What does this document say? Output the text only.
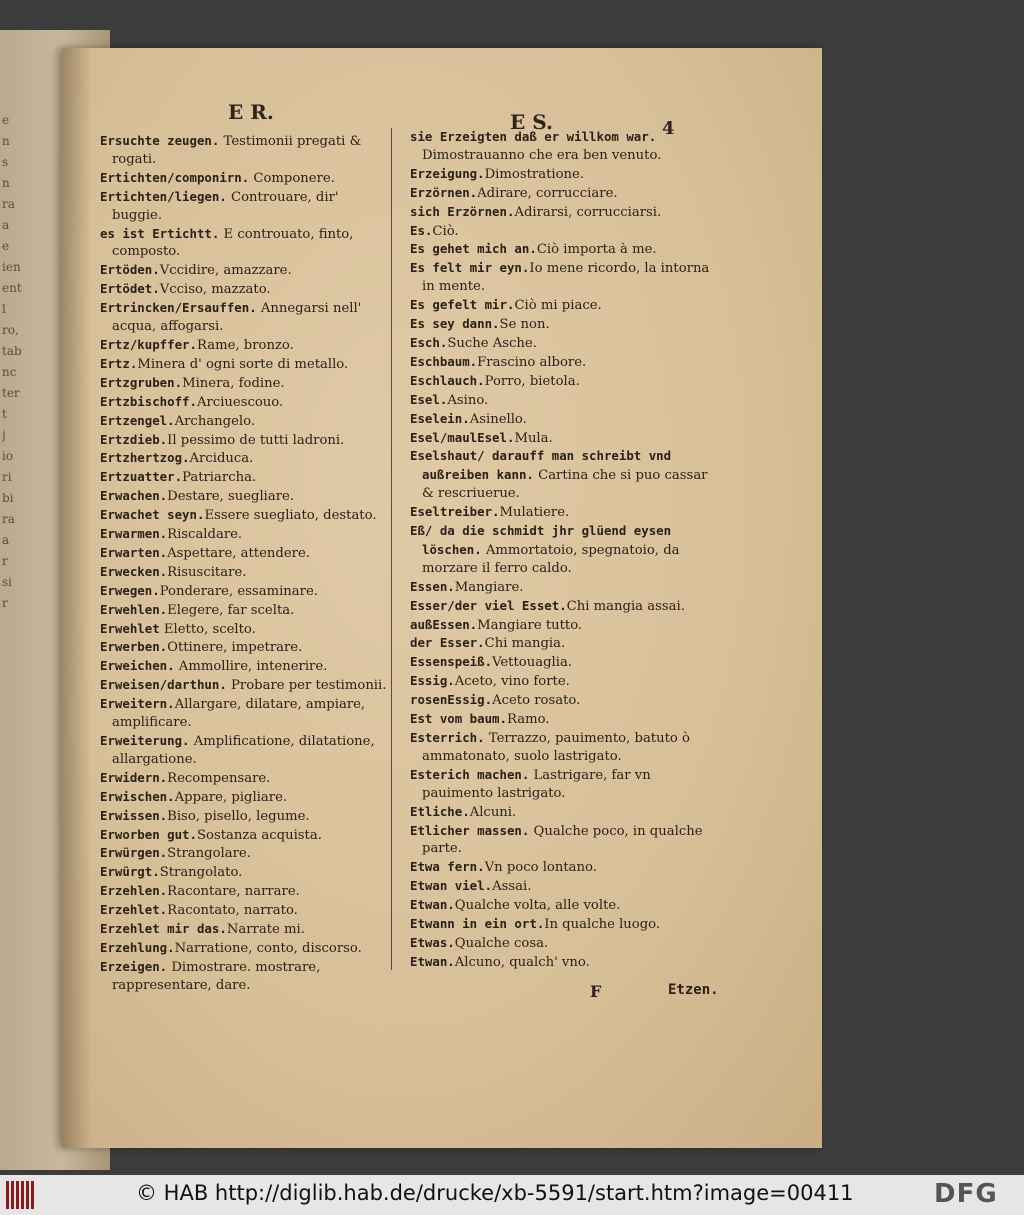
e
n
s
n
ra
a
e
ien
ent
l
ro,
tab
nc
ter
t
j
io
ri
bi
ra
a
r
si
r
E R.	E S.	4
Ersuchte zeugen. Testimonii pregati & rogati.
Ertichten/componirn. Componere.
Ertichten/liegen. Controuare, dir' buggie.
es ist Ertichtt. E controuato, finto, composto.
Ertöden.Vccidire, amazzare.
Ertödet.Vcciso, mazzato.
Ertrincken/Ersauffen. Annegarsi nell' acqua, affogarsi.
Ertz/kupffer.Rame, bronzo.
Ertz.Minera d' ogni sorte di metallo.
Ertzgruben.Minera, fodine.
Ertzbischoff.Arciuescouo.
Ertzengel.Archangelo.
Ertzdieb.Il pessimo de tutti ladroni.
Ertzhertzog.Arciduca.
Ertzuatter.Patriarcha.
Erwachen.Destare, suegliare.
Erwachet seyn.Essere suegliato, destato.
Erwarmen.Riscaldare.
Erwarten.Aspettare, attendere.
Erwecken.Risuscitare.
Erwegen.Ponderare, essaminare.
Erwehlen.Elegere, far scelta.
Erwehlet Eletto, scelto.
Erwerben.Ottinere, impetrare.
Erweichen. Ammollire, intenerire.
Erweisen/darthun. Probare per testimonii.
Erweitern.Allargare, dilatare, ampiare, amplificare.
Erweiterung. Amplificatione, dilatatione, allargatione.
Erwidern.Recompensare.
Erwischen.Appare, pigliare.
Erwissen.Biso, pisello, legume.
Erworben gut.Sostanza acquista.
Erwürgen.Strangolare.
Erwürgt.Strangolato.
Erzehlen.Racontare, narrare.
Erzehlet.Racontato, narrato.
Erzehlet mir das.Narrate mi.
Erzehlung.Narratione, conto, discorso.
Erzeigen. Dimostrare. mostrare, rappresentare, dare.
sie Erzeigten daß er willkom war. Dimostrauanno che era ben venuto.
Erzeigung.Dimostratione.
Erzörnen.Adirare, corrucciare.
sich Erzörnen.Adirarsi, corrucciarsi.
Es.Ciò.
Es gehet mich an.Ciò importa à me.
Es felt mir eyn.Io mene ricordo, la intorna in mente.
Es gefelt mir.Ciò mi piace.
Es sey dann.Se non.
Esch.Suche Asche.
Eschbaum.Frascino albore.
Eschlauch.Porro, bietola.
Esel.Asino.
Eselein.Asinello.
Esel/maulEsel.Mula.
Eselshaut/ darauff man schreibt vnd außreiben kann. Cartina che si puo cassar & rescriuerue.
Eseltreiber.Mulatiere.
Eß/ da die schmidt jhr glüend eysen löschen. Ammortatoio, spegnatoio, da morzare il ferro caldo.
Essen.Mangiare.
Esser/der viel Esset.Chi mangia assai.
außEssen.Mangiare tutto.
der Esser.Chi mangia.
Essenspeiß.Vettouaglia.
Essig.Aceto, vino forte.
rosenEssig.Aceto rosato.
Est vom baum.Ramo.
Esterrich. Terrazzo, pauimento, batuto ò ammatonato, suolo lastrigato.
Esterich machen. Lastrigare, far vn pauimento lastrigato.
Etliche.Alcuni.
Etlicher massen. Qualche poco, in qualche parte.
Etwa fern.Vn poco lontano.
Etwan viel.Assai.
Etwan.Qualche volta, alle volte.
Etwann in ein ort.In qualche luogo.
Etwas.Qualche cosa.
Etwan.Alcuno, qualch' vno.
F	Etzen.
© HAB http://diglib.hab.de/drucke/xb-5591/start.htm?image=00411	DFG
